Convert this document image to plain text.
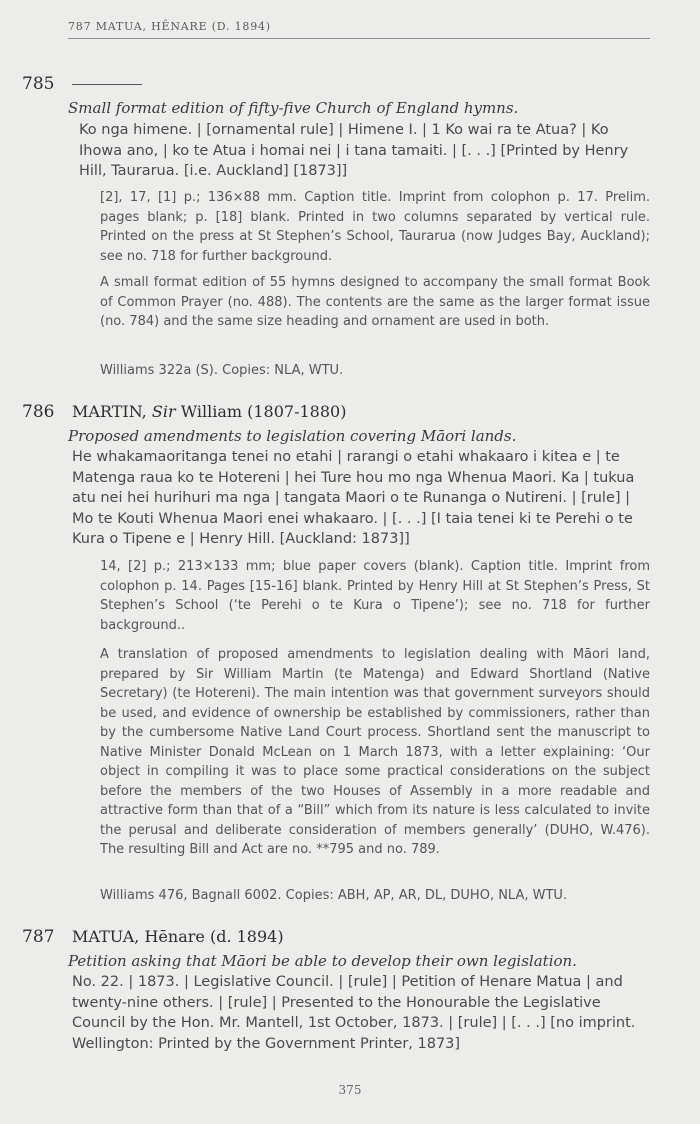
787 MATUA, HÊNARE (D. 1894)
785
Small format edition of fifty-five Church of England hymns.
Ko nga himene. | [ornamental rule] | Himene I. | 1 Ko wai ra te Atua? | Ko Ihowa ano, | ko te Atua i homai nei | i tana tamaiti. | [. . .] [Printed by Henry Hill, Taurarua. [i.e. Auckland] [1873]]
[2], 17, [1] p.; 136×88 mm. Caption title. Imprint from colophon p. 17. Prelim. pages blank; p. [18] blank. Printed in two columns separated by vertical rule. Printed on the press at St Stephen’s School, Taurarua (now Judges Bay, Auckland); see no. 718 for further background.
A small format edition of 55 hymns designed to accompany the small format Book of Common Prayer (no. 488). The contents are the same as the larger format issue (no. 784) and the same size heading and ornament are used in both.
Williams 322a (S). Copies: NLA, WTU.
786 MARTIN, Sir William (1807-1880)
Proposed amendments to legislation covering Māori lands.
He whakamaoritanga tenei no etahi | rarangi o etahi whakaaro i kitea e | te Matenga raua ko te Hotereni | hei Ture hou mo nga Whenua Maori. Ka | tukua atu nei hei hurihuri ma nga | tangata Maori o te Runanga o Nutireni. | [rule] | Mo te Kouti Whenua Maori enei whakaaro. | [. . .] [I taia tenei ki te Perehi o te Kura o Tipene e | Henry Hill. [Auckland: 1873]]
14, [2] p.; 213×133 mm; blue paper covers (blank). Caption title. Imprint from colophon p. 14. Pages [15-16] blank. Printed by Henry Hill at St Stephen’s Press, St Stephen’s School (‘te Perehi o te Kura o Tipene’); see no. 718 for further background..
A translation of proposed amendments to legislation dealing with Māori land, prepared by Sir William Martin (te Matenga) and Edward Shortland (Native Secretary) (te Hotereni). The main intention was that government surveyors should be used, and evidence of ownership be established by commissioners, rather than by the cumbersome Native Land Court process. Shortland sent the manuscript to Native Minister Donald McLean on 1 March 1873, with a letter explaining: ‘Our object in compiling it was to place some practical considerations on the subject before the members of the two Houses of Assembly in a more readable and attractive form than that of a “Bill” which from its nature is less calculated to invite the perusal and deliberate consideration of members generally’ (DUHO, W.476). The resulting Bill and Act are no. **795 and no. 789.
Williams 476, Bagnall 6002. Copies: ABH, AP, AR, DL, DUHO, NLA, WTU.
787 MATUA, Hēnare (d. 1894)
Petition asking that Māori be able to develop their own legislation.
No. 22. | 1873. | Legislative Council. | [rule] | Petition of Henare Matua | and twenty-nine others. | [rule] | Presented to the Honourable the Legislative Council by the Hon. Mr. Mantell, 1st October, 1873. | [rule] | [. . .] [no imprint. Wellington: Printed by the Government Printer, 1873]
375
